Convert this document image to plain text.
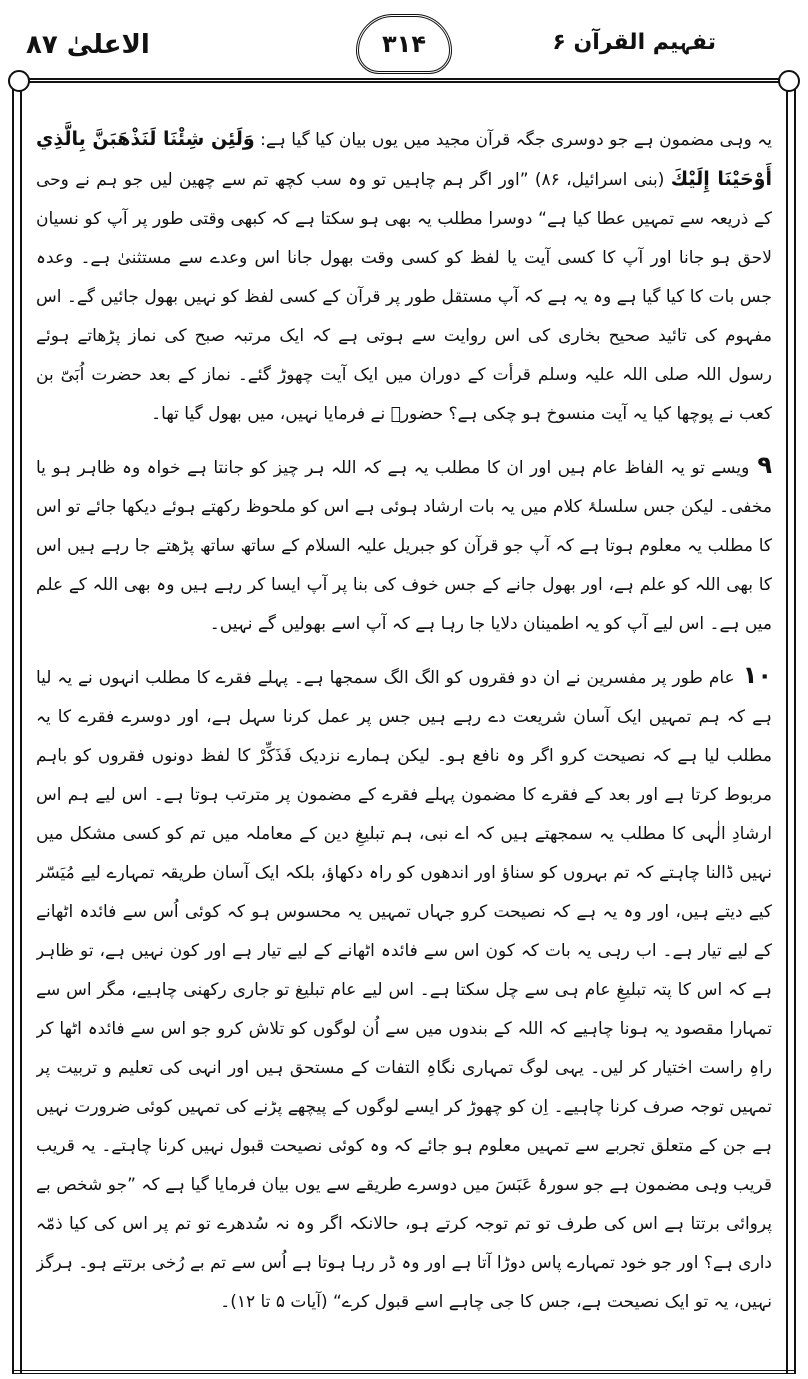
الاعلیٰ ۸۷	۳۱۴	تفہیم القرآن ۶

یہ وہی مضمون ہے جو دوسری جگہ قرآن مجید میں یوں بیان کیا گیا ہے: وَلَئِن شِئْنَا لَنَذْهَبَنَّ بِالَّذِي أَوْحَيْنَا إِلَيْكَ (بنی اسرائیل، ۸۶) ”اور اگر ہم چاہیں تو وہ سب کچھ تم سے چھین لیں جو ہم نے وحی کے ذریعہ سے تمہیں عطا کیا ہے“ دوسرا مطلب یہ بھی ہو سکتا ہے کہ کبھی وقتی طور پر آپ کو نسیان لاحق ہو جانا اور آپ کا کسی آیت یا لفظ کو کسی وقت بھول جانا اس وعدے سے مستثنیٰ ہے۔ وعدہ جس بات کا کیا گیا ہے وہ یہ ہے کہ آپ مستقل طور پر قرآن کے کسی لفظ کو نہیں بھول جائیں گے۔ اس مفہوم کی تائید صحیح بخاری کی اس روایت سے ہوتی ہے کہ ایک مرتبہ صبح کی نماز پڑھاتے ہوئے رسول اللہ صلی اللہ علیہ وسلم قرأت کے دوران میں ایک آیت چھوڑ گئے۔ نماز کے بعد حضرت اُبَیّ بن کعب نے پوچھا کیا یہ آیت منسوخ ہو چکی ہے؟ حضورؐ نے فرمایا نہیں، میں بھول گیا تھا۔

۹ویسے تو یہ الفاظ عام ہیں اور ان کا مطلب یہ ہے کہ اللہ ہر چیز کو جانتا ہے خواہ وہ ظاہر ہو یا مخفی۔ لیکن جس سلسلۂ کلام میں یہ بات ارشاد ہوئی ہے اس کو ملحوظ رکھتے ہوئے دیکھا جائے تو اس کا مطلب یہ معلوم ہوتا ہے کہ آپ جو قرآن کو جبریل علیہ السلام کے ساتھ ساتھ پڑھتے جا رہے ہیں اس کا بھی اللہ کو علم ہے، اور بھول جانے کے جس خوف کی بنا پر آپ ایسا کر رہے ہیں وہ بھی اللہ کے علم میں ہے۔ اس لیے آپ کو یہ اطمینان دلایا جا رہا ہے کہ آپ اسے بھولیں گے نہیں۔

۱۰عام طور پر مفسرین نے ان دو فقروں کو الگ الگ سمجھا ہے۔ پہلے فقرے کا مطلب انہوں نے یہ لیا ہے کہ ہم تمہیں ایک آسان شریعت دے رہے ہیں جس پر عمل کرنا سہل ہے، اور دوسرے فقرے کا یہ مطلب لیا ہے کہ نصیحت کرو اگر وہ نافع ہو۔ لیکن ہمارے نزدیک فَذَكِّرْ کا لفظ دونوں فقروں کو باہم مربوط کرتا ہے اور بعد کے فقرے کا مضمون پہلے فقرے کے مضمون پر مترتب ہوتا ہے۔ اس لیے ہم اس ارشادِ الٰہی کا مطلب یہ سمجھتے ہیں کہ اے نبی، ہم تبلیغِ دین کے معاملہ میں تم کو کسی مشکل میں نہیں ڈالنا چاہتے کہ تم بہروں کو سناؤ اور اندھوں کو راہ دکھاؤ، بلکہ ایک آسان طریقہ تمہارے لیے مُیَسّر کیے دیتے ہیں، اور وہ یہ ہے کہ نصیحت کرو جہاں تمہیں یہ محسوس ہو کہ کوئی اُس سے فائدہ اٹھانے کے لیے تیار ہے۔ اب رہی یہ بات کہ کون اس سے فائدہ اٹھانے کے لیے تیار ہے اور کون نہیں ہے، تو ظاہر ہے کہ اس کا پتہ تبلیغِ عام ہی سے چل سکتا ہے۔ اس لیے عام تبلیغ تو جاری رکھنی چاہیے، مگر اس سے تمہارا مقصود یہ ہونا چاہیے کہ اللہ کے بندوں میں سے اُن لوگوں کو تلاش کرو جو اس سے فائدہ اٹھا کر راہِ راست اختیار کر لیں۔ یہی لوگ تمہاری نگاہِ التفات کے مستحق ہیں اور انہی کی تعلیم و تربیت پر تمہیں توجہ صرف کرنا چاہیے۔ اِن کو چھوڑ کر ایسے لوگوں کے پیچھے پڑنے کی تمہیں کوئی ضرورت نہیں ہے جن کے متعلق تجربے سے تمہیں معلوم ہو جائے کہ وہ کوئی نصیحت قبول نہیں کرنا چاہتے۔ یہ قریب قریب وہی مضمون ہے جو سورۂ عَبَسَ میں دوسرے طریقے سے یوں بیان فرمایا گیا ہے کہ ”جو شخص بے پروائی برتتا ہے اس کی طرف تو تم توجہ کرتے ہو، حالانکہ اگر وہ نہ سُدھرے تو تم پر اس کی کیا ذمّہ داری ہے؟ اور جو خود تمہارے پاس دوڑا آتا ہے اور وہ ڈر رہا ہوتا ہے اُس سے تم بے رُخی برتتے ہو۔ ہرگز نہیں، یہ تو ایک نصیحت ہے، جس کا جی چاہے اسے قبول کرے“ (آیات ۵ تا ۱۲)۔
